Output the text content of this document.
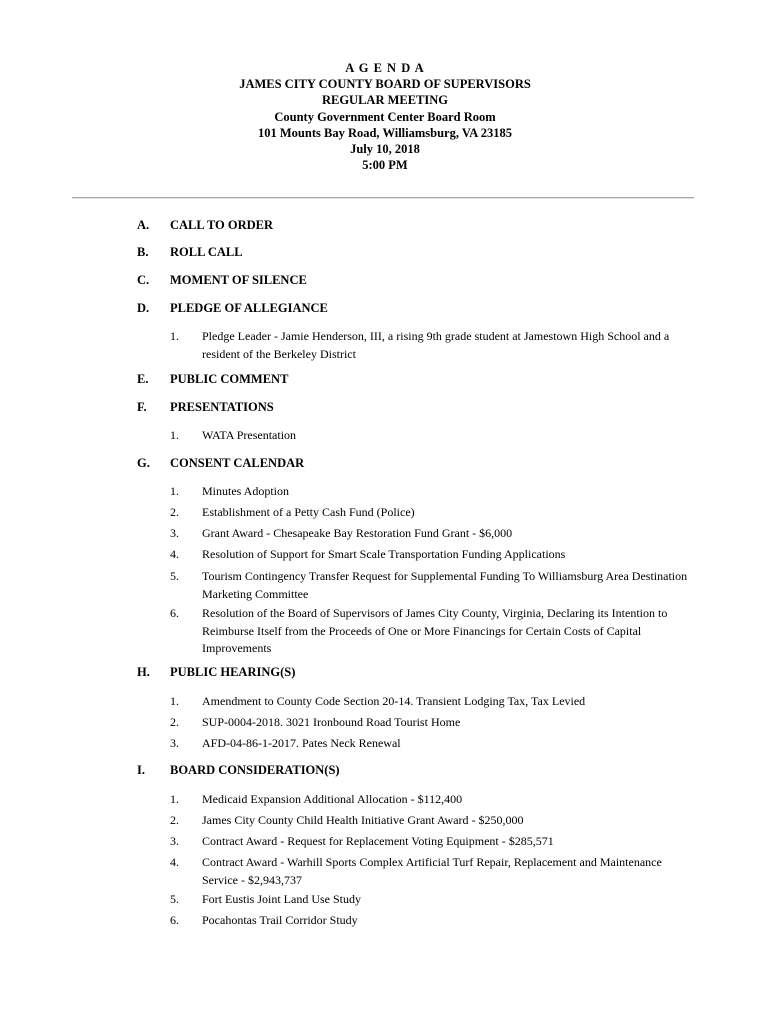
A G E N D A
JAMES CITY COUNTY BOARD OF SUPERVISORS
REGULAR MEETING
County Government Center Board Room
101 Mounts Bay Road, Williamsburg, VA 23185
July 10, 2018
5:00 PM
A. CALL TO ORDER
B. ROLL CALL
C. MOMENT OF SILENCE
D. PLEDGE OF ALLEGIANCE
1. Pledge Leader - Jamie Henderson, III, a rising 9th grade student at Jamestown High School and a resident of the Berkeley District
E. PUBLIC COMMENT
F. PRESENTATIONS
1. WATA Presentation
G. CONSENT CALENDAR
1. Minutes Adoption
2. Establishment of a Petty Cash Fund (Police)
3. Grant Award - Chesapeake Bay Restoration Fund Grant - $6,000
4. Resolution of Support for Smart Scale Transportation Funding Applications
5. Tourism Contingency Transfer Request for Supplemental Funding To Williamsburg Area Destination Marketing Committee
6. Resolution of the Board of Supervisors of James City County, Virginia, Declaring its Intention to Reimburse Itself from the Proceeds of One or More Financings for Certain Costs of Capital Improvements
H. PUBLIC HEARING(S)
1. Amendment to County Code Section 20-14. Transient Lodging Tax, Tax Levied
2. SUP-0004-2018. 3021 Ironbound Road Tourist Home
3. AFD-04-86-1-2017. Pates Neck Renewal
I. BOARD CONSIDERATION(S)
1. Medicaid Expansion Additional Allocation - $112,400
2. James City County Child Health Initiative Grant Award - $250,000
3. Contract Award - Request for Replacement Voting Equipment - $285,571
4. Contract Award - Warhill Sports Complex Artificial Turf Repair, Replacement and Maintenance Service - $2,943,737
5. Fort Eustis Joint Land Use Study
6. Pocahontas Trail Corridor Study
